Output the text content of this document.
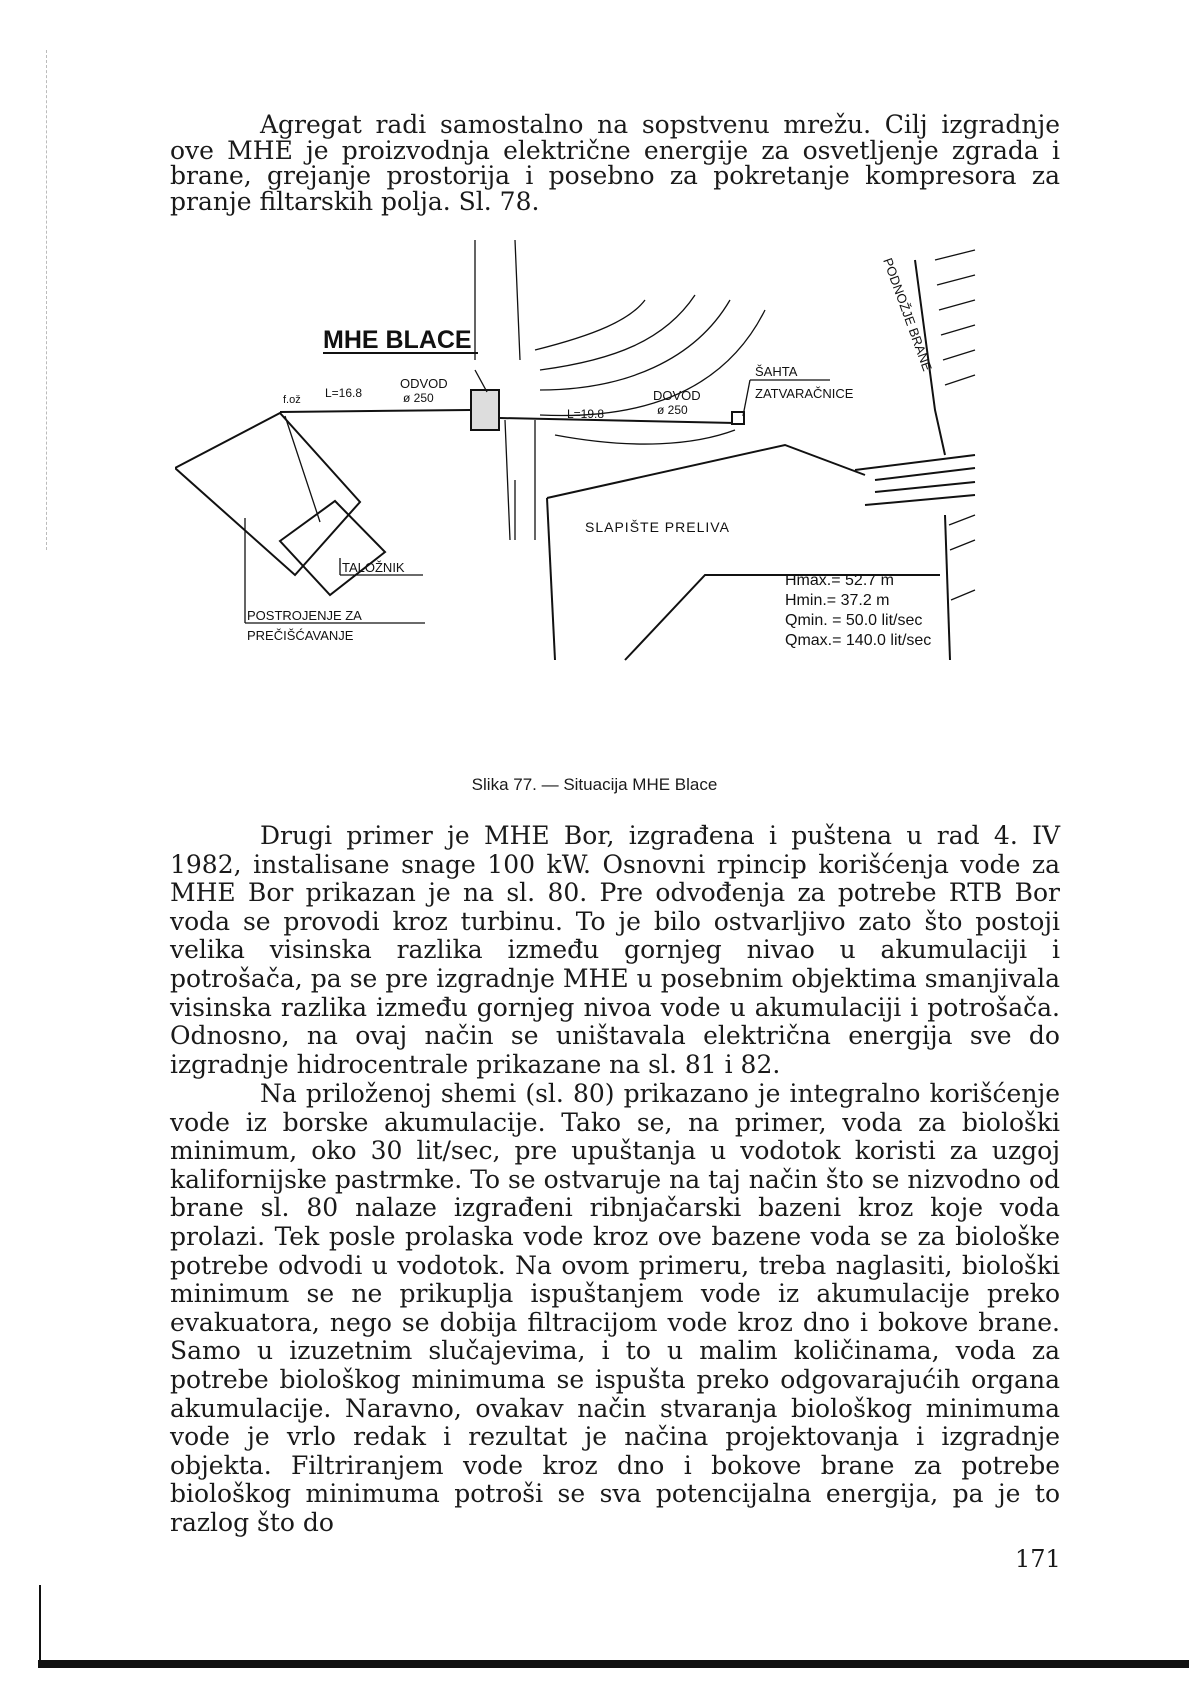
Agregat radi samostalno na sopstvenu mrežu. Cilj izgradnje ove MHE je proizvodnja električne energije za osvetljenje zgrada i brane, grejanje prostorija i posebno za pokretanje kompresora za pranje filtarskih polja. Sl. 78.

MHE BLACE
ODVOD
ø 250
L=16.8
f.ož	DOVOD
ø 250
L=19.8
ŠAHTA
ZATVARAČNICE
PODNOŽJE BRANE
SLAPIŠTE PRELIVA
TALOŽNIK
POSTROJENJE ZA
PREČIŠĆAVANJE
Hmax.= 52.7 m
Hmin.= 37.2 m
Qmin. = 50.0 lit/sec
Qmax.= 140.0 lit/sec
Slika 77. — Situacija MHE Blace

Drugi primer je MHE Bor, izgrađena i puštena u rad 4. IV 1982, instalisane snage 100 kW. Osnovni rpincip korišćenja vode za MHE Bor prikazan je na sl. 80. Pre odvođenja za potrebe RTB Bor voda se provodi kroz turbinu. To je bilo ostvarljivo zato što postoji velika visinska razlika između gornjeg nivao u akumulaciji i potrošača, pa se pre izgradnje MHE u posebnim objektima smanjivala visinska razlika između gornjeg nivoa vode u akumulaciji i potrošača. Odnosno, na ovaj način se uništavala električna energija sve do izgradnje hidrocentrale prikazane na sl. 81 i 82.

Na priloženoj shemi (sl. 80) prikazano je integralno korišćenje vode iz borske akumulacije. Tako se, na primer, voda za biološki minimum, oko 30 lit/sec, pre upuštanja u vodotok koristi za uzgoj kalifornijske pastrmke. To se ostvaruje na taj način što se nizvodno od brane sl. 80 nalaze izgrađeni ribnjačarski bazeni kroz koje voda prolazi. Tek posle prolaska vode kroz ove bazene voda se za biološke potrebe odvodi u vodotok. Na ovom primeru, treba naglasiti, biološki minimum se ne prikuplja ispuštanjem vode iz akumulacije preko evakuatora, nego se dobija filtracijom vode kroz dno i bokove brane. Samo u izuzetnim slučajevima, i to u malim količinama, voda za potrebe biološkog minimuma se ispušta preko odgovarajućih organa akumulacije. Naravno, ovakav način stvaranja biološkog minimuma vode je vrlo redak i rezultat je načina projektovanja i izgradnje objekta. Filtriranjem vode kroz dno i bokove brane za potrebe biološkog minimuma potroši se sva potencijalna energija, pa je to razlog što do

171
